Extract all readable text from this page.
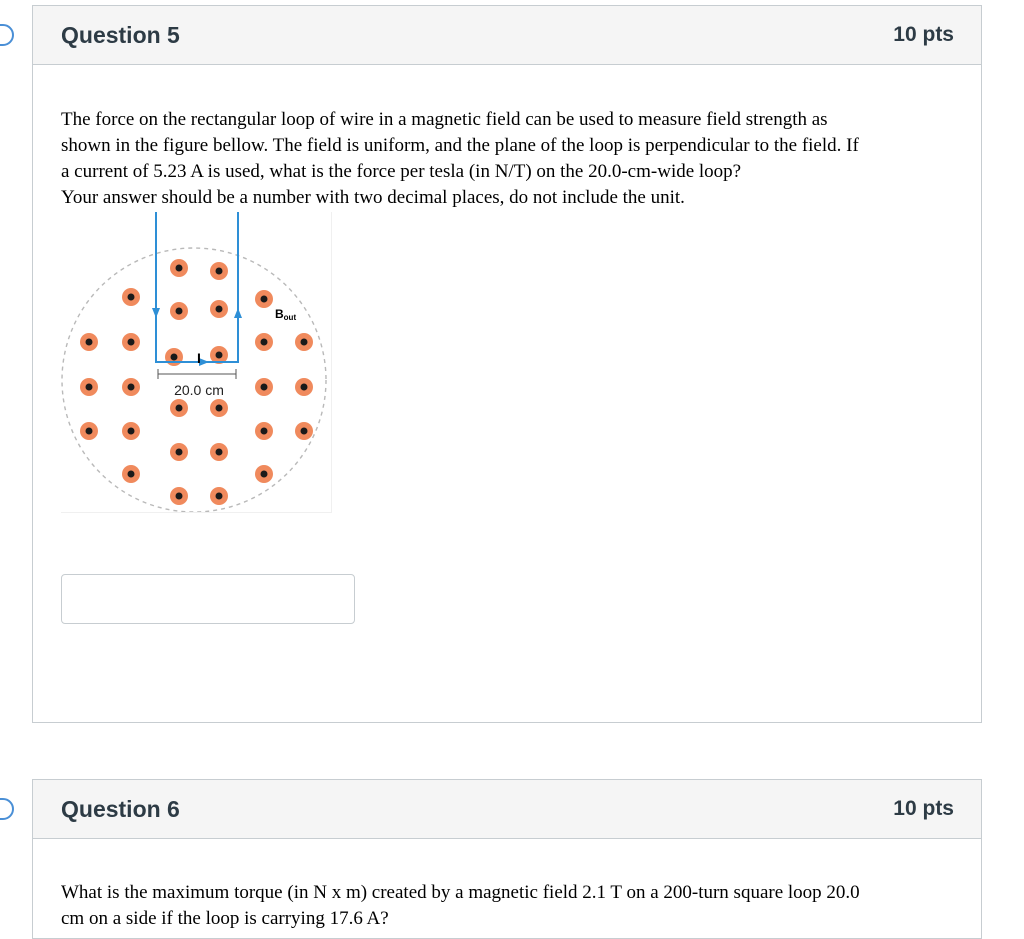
Question 5	10 pts

The force on the rectangular loop of wire in a magnetic field can be used to measure field strength as

shown in the figure bellow. The field is uniform, and the plane of the loop is perpendicular to the field. If

a current of 5.23 A is used, what is the force per tesla (in N/T) on the 20.0-cm-wide loop?

Your answer should be a number with two decimal places, do not include the unit.

I
20.0 cm
Bout
Question 6	10 pts

What is the maximum torque (in N x m) created by a magnetic field 2.1 T on a 200-turn square loop 20.0

cm on a side if the loop is carrying 17.6 A?
